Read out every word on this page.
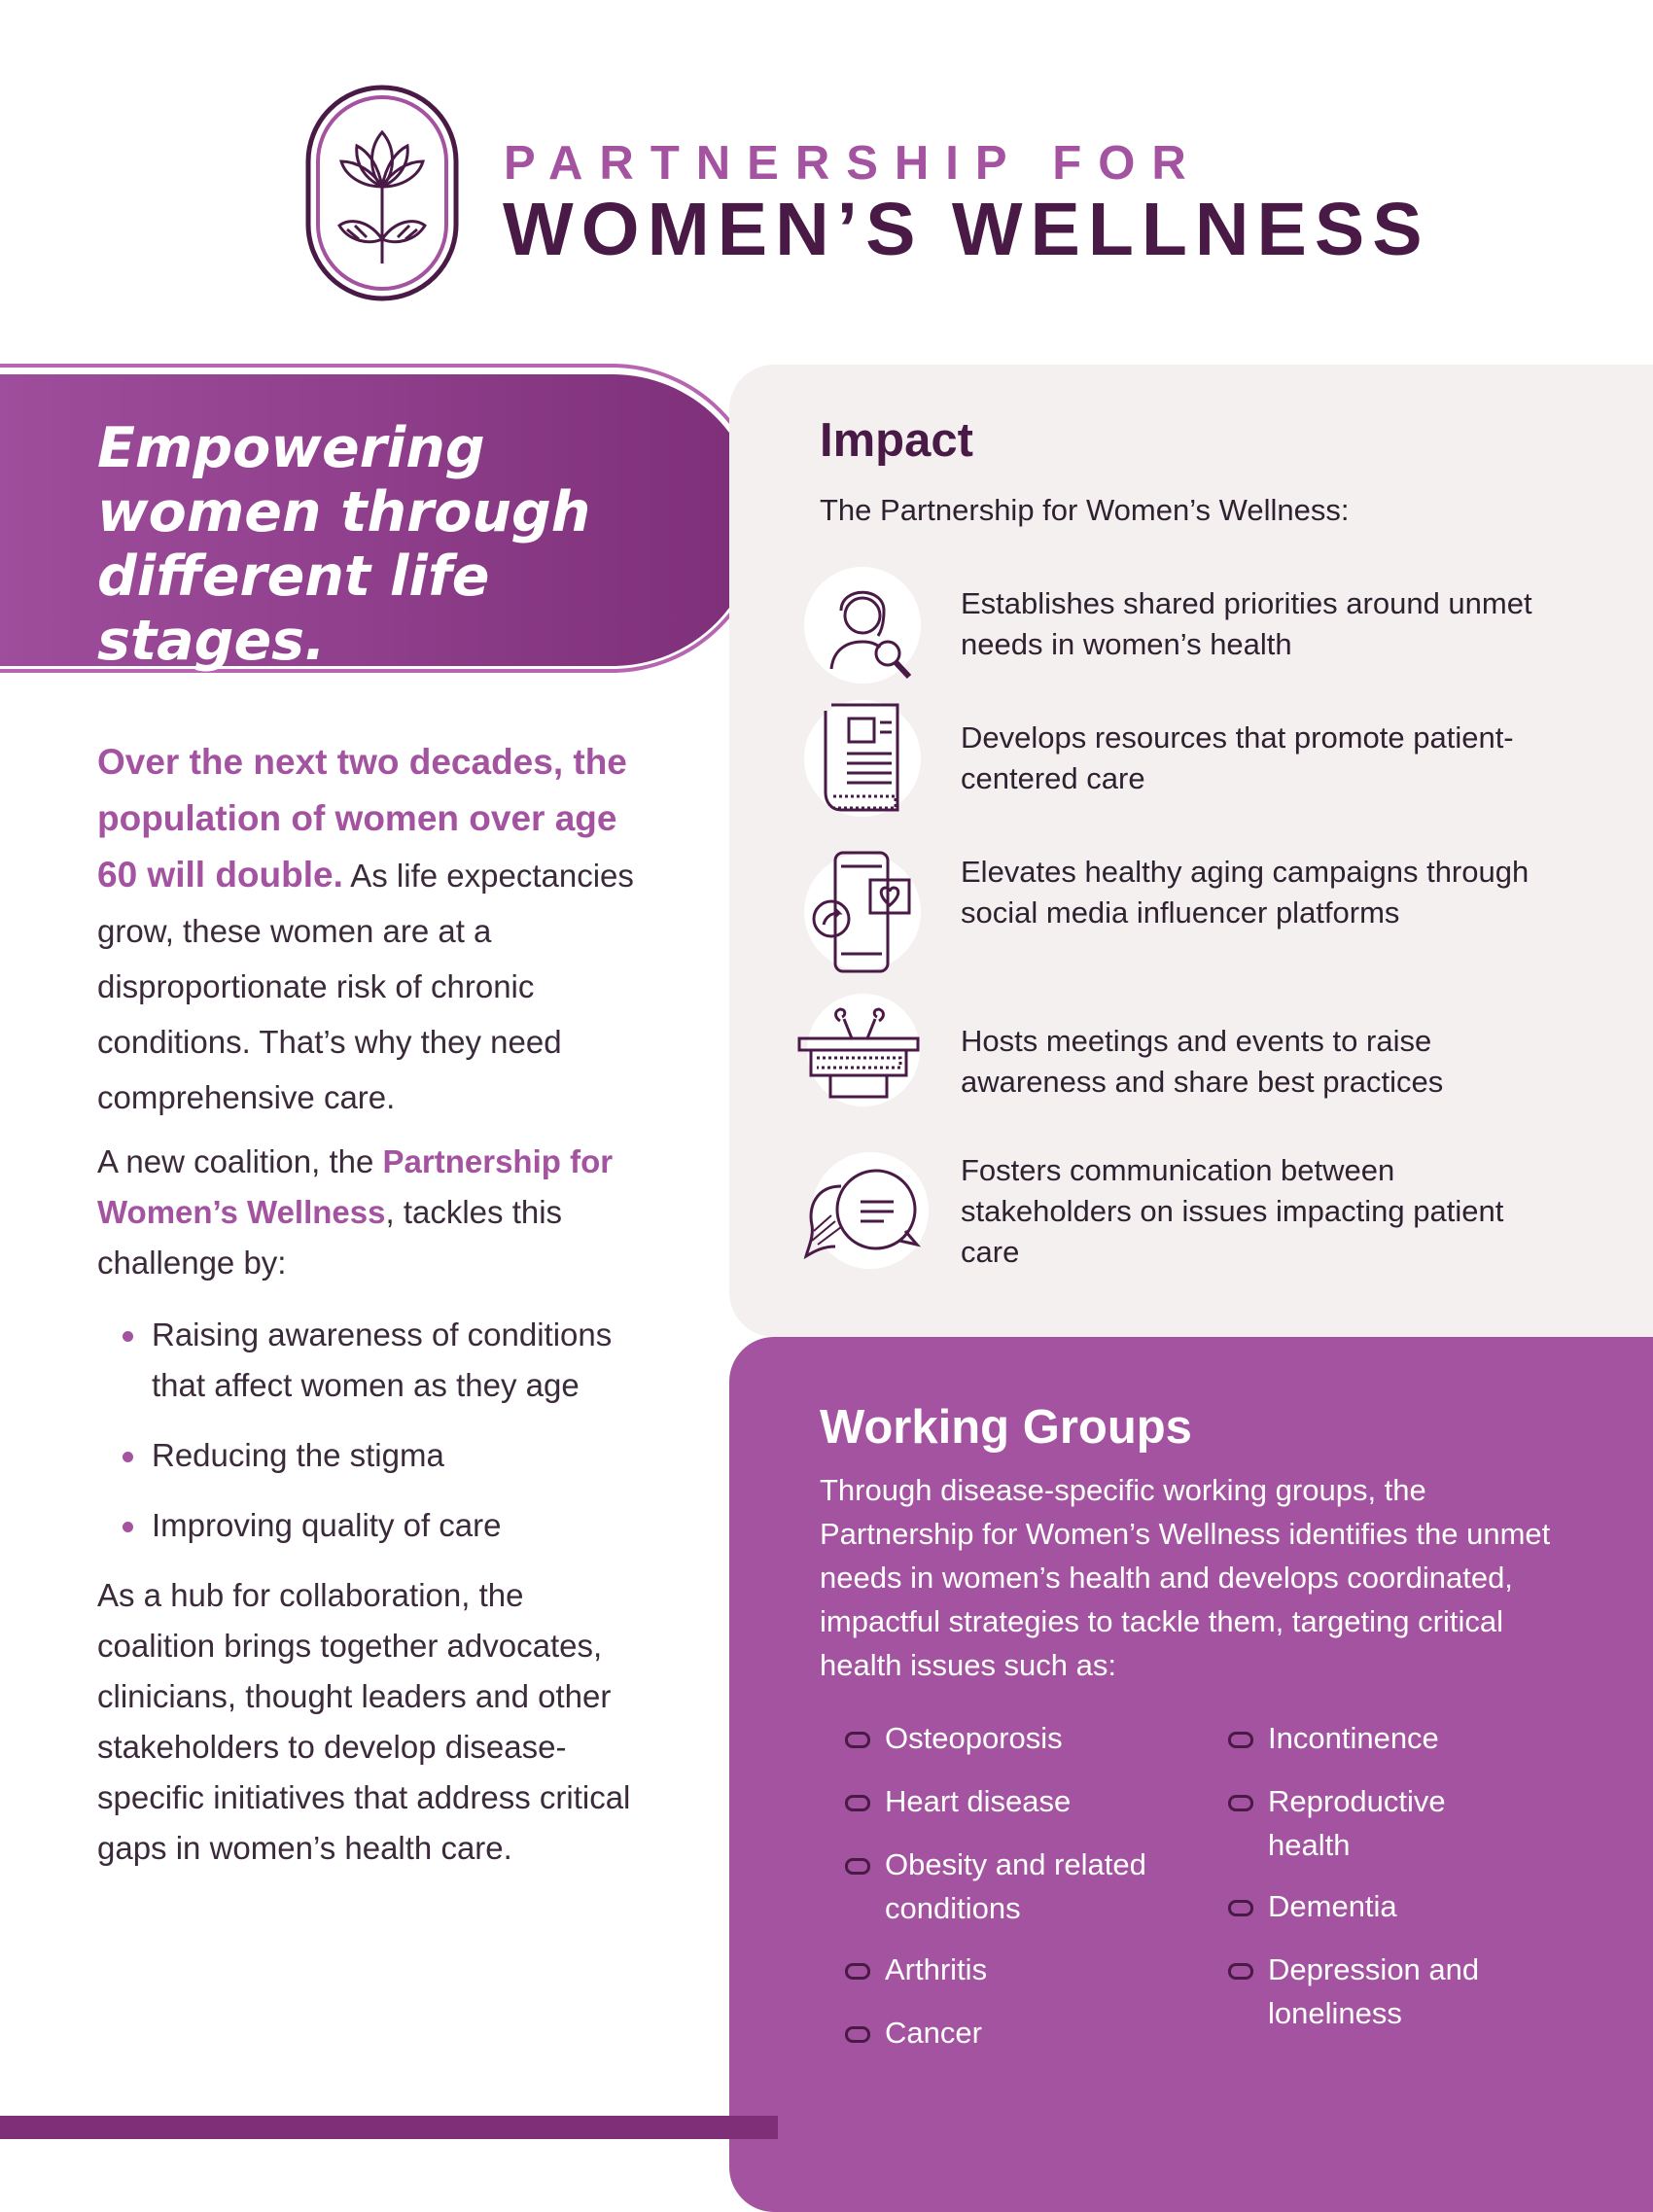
PARTNERSHIP FOR
WOMEN’S WELLNESS
Empowering
women through
different life stages.

Over the next two decades, the population of women over age 60 will double. As life expectancies grow, these women are at a disproportionate risk of chronic conditions. That’s why they need comprehensive care.

A new coalition, the Partnership for Women’s Wellness, tackles this challenge by:

Raising awareness of conditions that affect women as they age
Reducing the stigma
Improving quality of care

As a hub for collaboration, the coalition brings together advocates, clinicians, thought leaders and other stakeholders to develop disease-specific initiatives that address critical gaps in women’s health care.

Impact
The Partnership for Women’s Wellness:
Establishes shared priorities around unmet needs in women’s health
Develops resources that promote patient-centered care
Elevates healthy aging campaigns through social media influencer platforms
Hosts meetings and events to raise awareness and share best practices
Fosters communication between stakeholders on issues impacting patient care
Working Groups
Through disease-specific working groups, the Partnership for Women’s Wellness identifies the unmet needs in women’s health and develops coordinated, impactful strategies to tackle them, targeting critical health issues such as:
Osteoporosis
Heart disease
Obesity and related conditions
Arthritis
Cancer
Incontinence
Reproductive health
Dementia
Depression and loneliness
